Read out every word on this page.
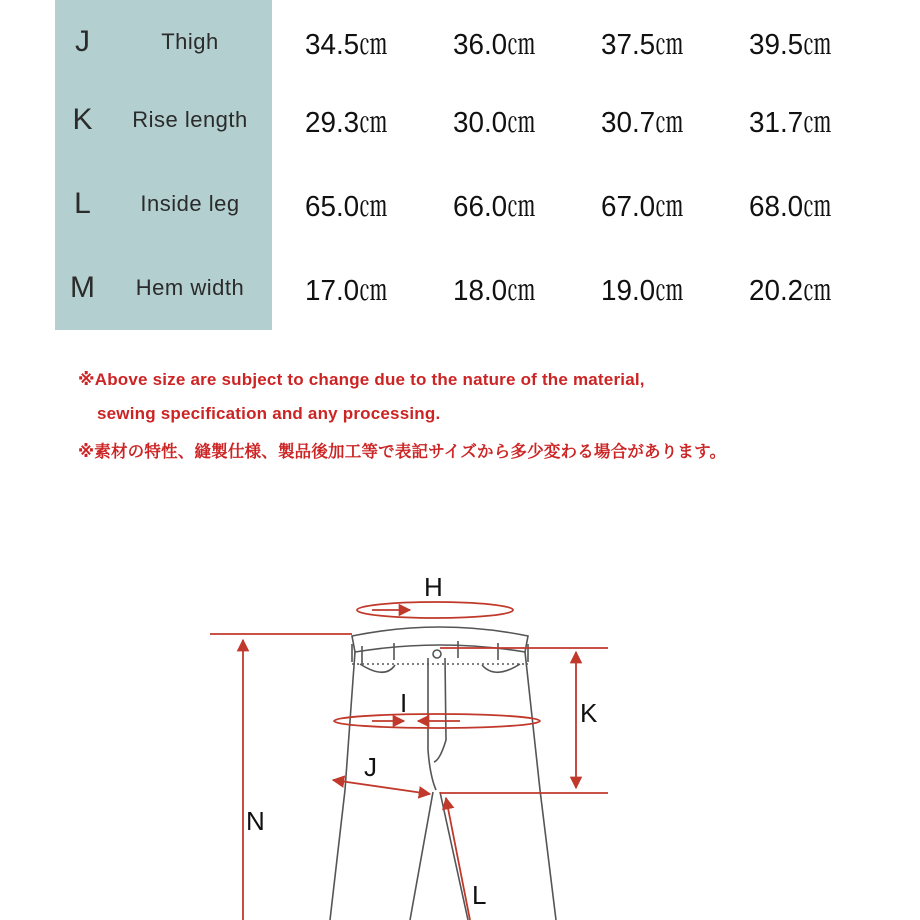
J	Thigh	34.5㎝	36.0㎝	37.5㎝	39.5㎝
K	Rise length	29.3㎝	30.0㎝	30.7㎝	31.7㎝
L	Inside leg	65.0㎝	66.0㎝	67.0㎝	68.0㎝
M	Hem width	17.0㎝	18.0㎝	19.0㎝	20.2㎝
※Above size are subject to change due to the nature of the material,
sewing specification and any processing.
※素材の特性、縫製仕様、製品後加工等で表記サイズから多少変わる場合があります。
H
I
J
K
L
N
